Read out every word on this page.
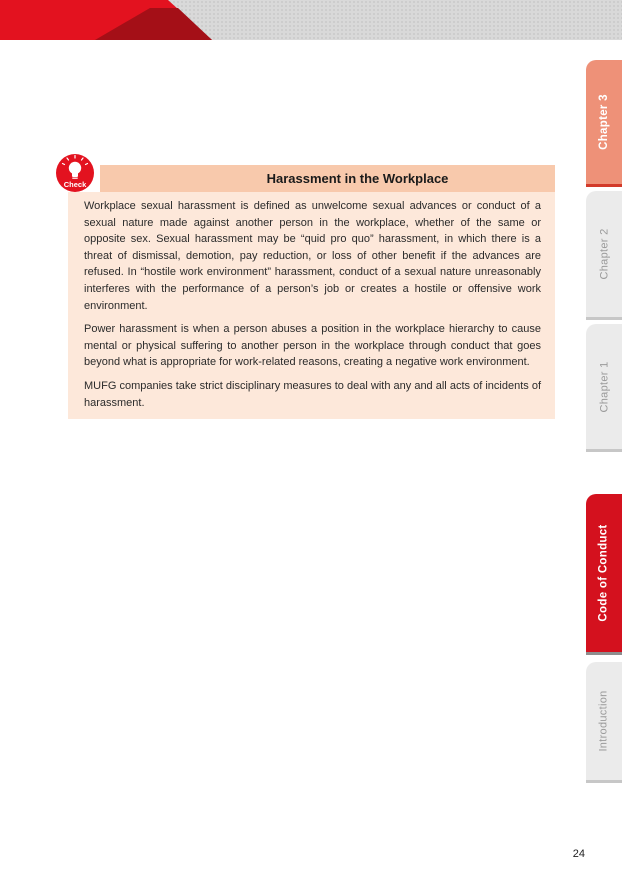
Harassment in the Workplace
Check

Workplace sexual harassment is defined as unwelcome sexual advances or conduct of a sexual nature made against another person in the workplace, whether of the same or opposite sex. Sexual harassment may be “quid pro quo” harassment, in which there is a threat of dismissal, demotion, pay reduction, or loss of other benefit if the advances are refused. In “hostile work environment” harassment, conduct of a sexual nature unreasonably interferes with the performance of a person’s job or creates a hostile or offensive work environment.

Power harassment is when a person abuses a position in the workplace hierarchy to cause mental or physical suffering to another person in the workplace through conduct that goes beyond what is appropriate for work-related reasons, creating a negative work environment.

MUFG companies take strict disciplinary measures to deal with any and all acts of incidents of harassment.

Chapter 3
Chapter 2
Chapter 1
Code of Conduct
Introduction
24
